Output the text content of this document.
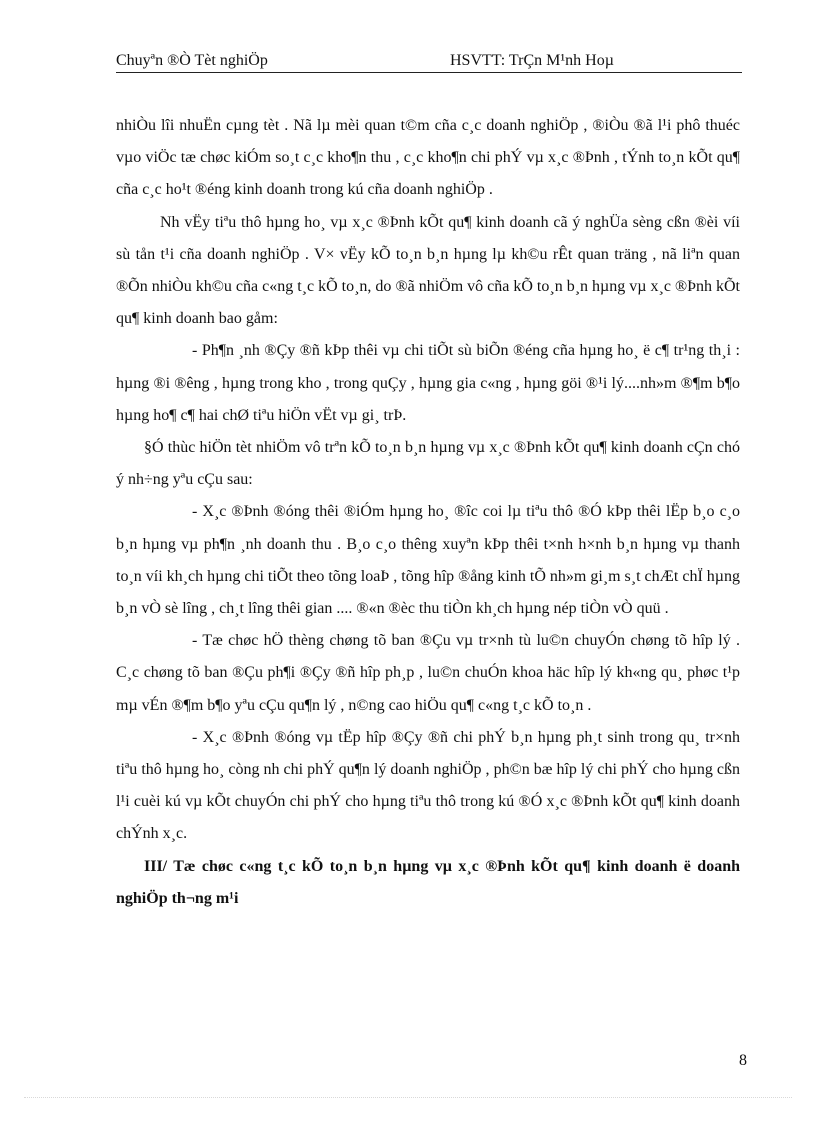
Chuyªn ®Ò Tèt nghiÖp	HSVTT: TrÇn M¹nh Hoµ

nhiÒu lîi nhuËn cµng tèt . Nã lµ mèi quan t©m cña c¸c doanh nghiÖp , ®iÒu ®ã l¹i phô thuéc vµo viÖc tæ chøc kiÓm so¸t c¸c kho¶n thu , c¸c kho¶n chi phÝ vµ x¸c ®Þnh , tÝnh to¸n kÕt qu¶ cña c¸c ho¹t ®éng kinh doanh trong kú cña doanh nghiÖp .

Nh vËy tiªu thô hµng ho¸ vµ x¸c ®Þnh kÕt qu¶ kinh doanh cã ý nghÜa sèng cßn ®èi víi sù tån t¹i cña doanh nghiÖp . V× vËy kÕ to¸n b¸n hµng lµ kh©u rÊt quan träng , nã liªn quan ®Õn nhiÒu kh©u cña c«ng t¸c kÕ to¸n, do ®ã nhiÖm vô cña kÕ to¸n b¸n hµng vµ x¸c ®Þnh kÕt qu¶ kinh doanh bao gåm:

- Ph¶n ¸nh ®Çy ®ñ kÞp thêi vµ chi tiÕt sù biÕn ®éng cña hµng ho¸ ë c¶ tr¹ng th¸i : hµng ®i ®êng , hµng trong kho , trong quÇy , hµng gia c«ng , hµng göi ®¹i lý....nh»m ®¶m b¶o hµng ho¶ c¶ hai chØ tiªu hiÖn vËt vµ gi¸ trÞ.

§Ó thùc hiÖn tèt nhiÖm vô trªn kÕ to¸n b¸n hµng vµ x¸c ®Þnh kÕt qu¶ kinh doanh cÇn chó ý nh÷ng yªu cÇu sau:

- X¸c ®Þnh ®óng thêi ®iÓm hµng ho¸ ®îc coi lµ tiªu thô ®Ó kÞp thêi lËp b¸o c¸o b¸n hµng vµ ph¶n ¸nh doanh thu . B¸o c¸o thêng xuyªn kÞp thêi t×nh h×nh b¸n hµng vµ thanh to¸n víi kh¸ch hµng chi tiÕt theo tõng loaÞ , tõng hîp ®ång kinh tÕ nh»m gi¸m s¸t chÆt chÏ hµng b¸n vÒ sè lîng , ch¸t lîng thêi gian .... ®«n ®èc thu tiÒn kh¸ch hµng nép tiÒn vÒ quü .

- Tæ chøc hÖ thèng chøng tõ ban ®Çu vµ tr×nh tù lu©n chuyÓn chøng tõ hîp lý . C¸c chøng tõ ban ®Çu ph¶i ®Çy ®ñ hîp ph¸p , lu©n chuÓn khoa häc hîp lý kh«ng qu¸ phøc t¹p mµ vÉn ®¶m b¶o yªu cÇu qu¶n lý , n©ng cao hiÖu qu¶ c«ng t¸c kÕ to¸n .

- X¸c ®Þnh ®óng vµ tËp hîp ®Çy ®ñ chi phÝ b¸n hµng ph¸t sinh trong qu¸ tr×nh tiªu thô hµng ho¸ còng nh chi phÝ qu¶n lý doanh nghiÖp , ph©n bæ hîp lý chi phÝ cho hµng cßn l¹i cuèi kú vµ kÕt chuyÓn chi phÝ cho hµng tiªu thô trong kú ®Ó x¸c ®Þnh kÕt qu¶ kinh doanh chÝnh x¸c.

III/ Tæ chøc c«ng t¸c kÕ to¸n b¸n hµng vµ x¸c ®Þnh kÕt qu¶ kinh doanh ë doanh nghiÖp th¬ng m¹i

8
